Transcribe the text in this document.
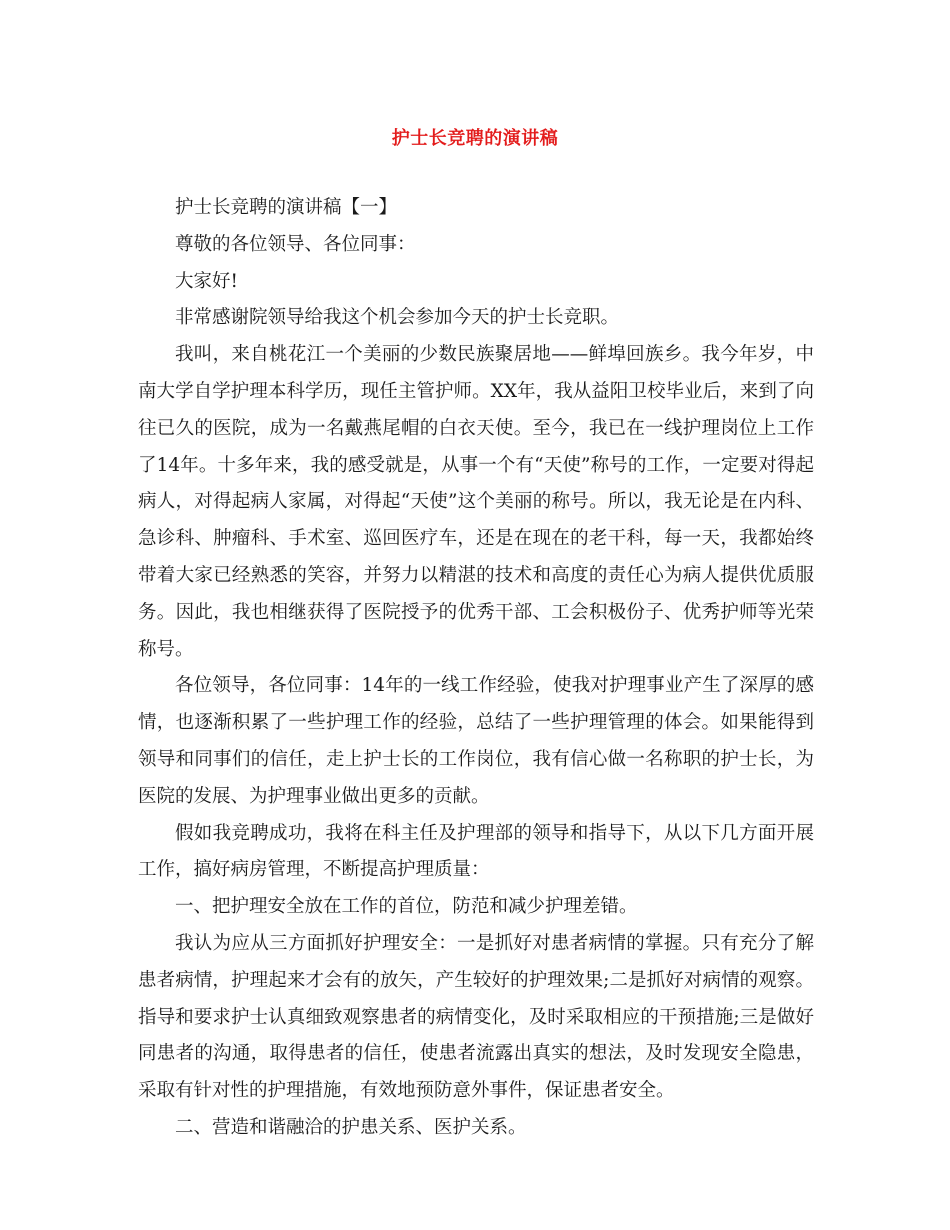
护士长竞聘的演讲稿

护士长竞聘的演讲稿【一】

尊敬的各位领导、各位同事：

大家好!

非常感谢院领导给我这个机会参加今天的护士长竞职。

我叫，来自桃花江一个美丽的少数民族聚居地——鲜埠回族乡。我今年岁，中南大学自学护理本科学历，现任主管护师。XX年，我从益阳卫校毕业后，来到了向往已久的医院，成为一名戴燕尾帽的白衣天使。至今，我已在一线护理岗位上工作了14年。十多年来，我的感受就是，从事一个有“天使”称号的工作，一定要对得起病人，对得起病人家属，对得起“天使”这个美丽的称号。所以，我无论是在内科、急诊科、肿瘤科、手术室、巡回医疗车，还是在现在的老干科，每一天，我都始终带着大家已经熟悉的笑容，并努力以精湛的技术和高度的责任心为病人提供优质服务。因此，我也相继获得了医院授予的优秀干部、工会积极份子、优秀护师等光荣称号。

各位领导，各位同事：14年的一线工作经验，使我对护理事业产生了深厚的感情，也逐渐积累了一些护理工作的经验，总结了一些护理管理的体会。如果能得到领导和同事们的信任，走上护士长的工作岗位，我有信心做一名称职的护士长，为医院的发展、为护理事业做出更多的贡献。

假如我竞聘成功，我将在科主任及护理部的领导和指导下，从以下几方面开展工作，搞好病房管理，不断提高护理质量：

一、把护理安全放在工作的首位，防范和减少护理差错。

我认为应从三方面抓好护理安全：一是抓好对患者病情的掌握。只有充分了解患者病情，护理起来才会有的放矢，产生较好的护理效果;二是抓好对病情的观察。指导和要求护士认真细致观察患者的病情变化，及时采取相应的干预措施;三是做好同患者的沟通，取得患者的信任，使患者流露出真实的想法，及时发现安全隐患，采取有针对性的护理措施，有效地预防意外事件，保证患者安全。

二、营造和谐融洽的护患关系、医护关系。
